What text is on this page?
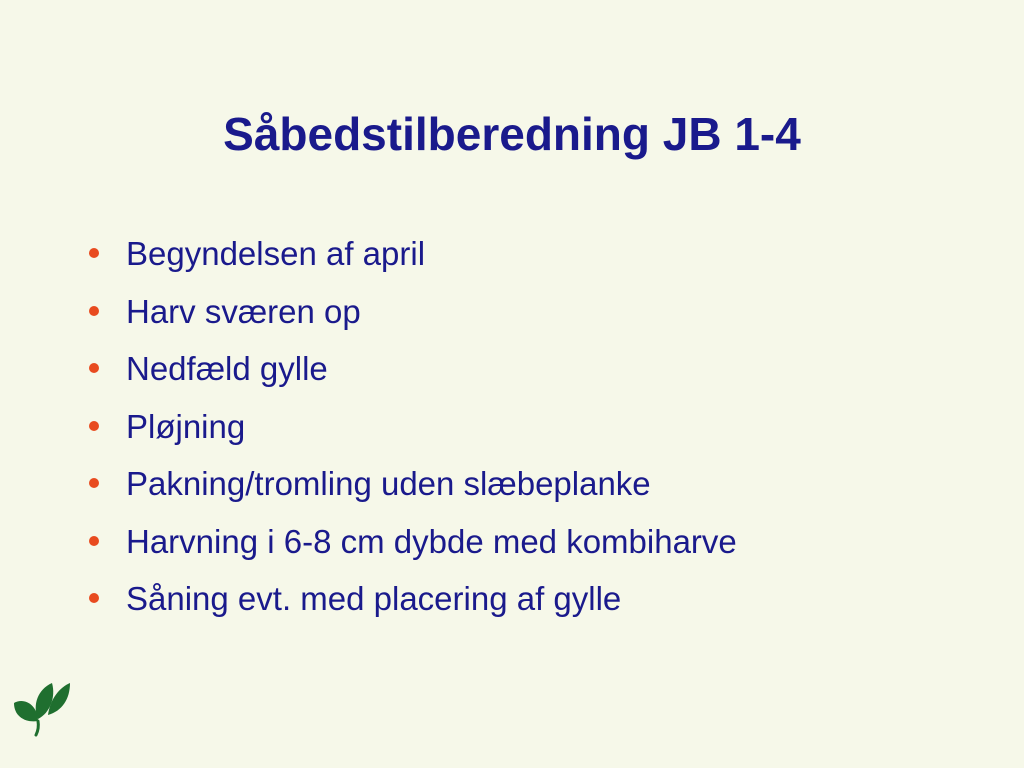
Såbedstilberedning JB 1-4
Begyndelsen af april
Harv sværen op
Nedfæld gylle
Pløjning
Pakning/tromling uden slæbeplanke
Harvning i 6-8 cm dybde med kombiharve
Såning evt. med placering af gylle
